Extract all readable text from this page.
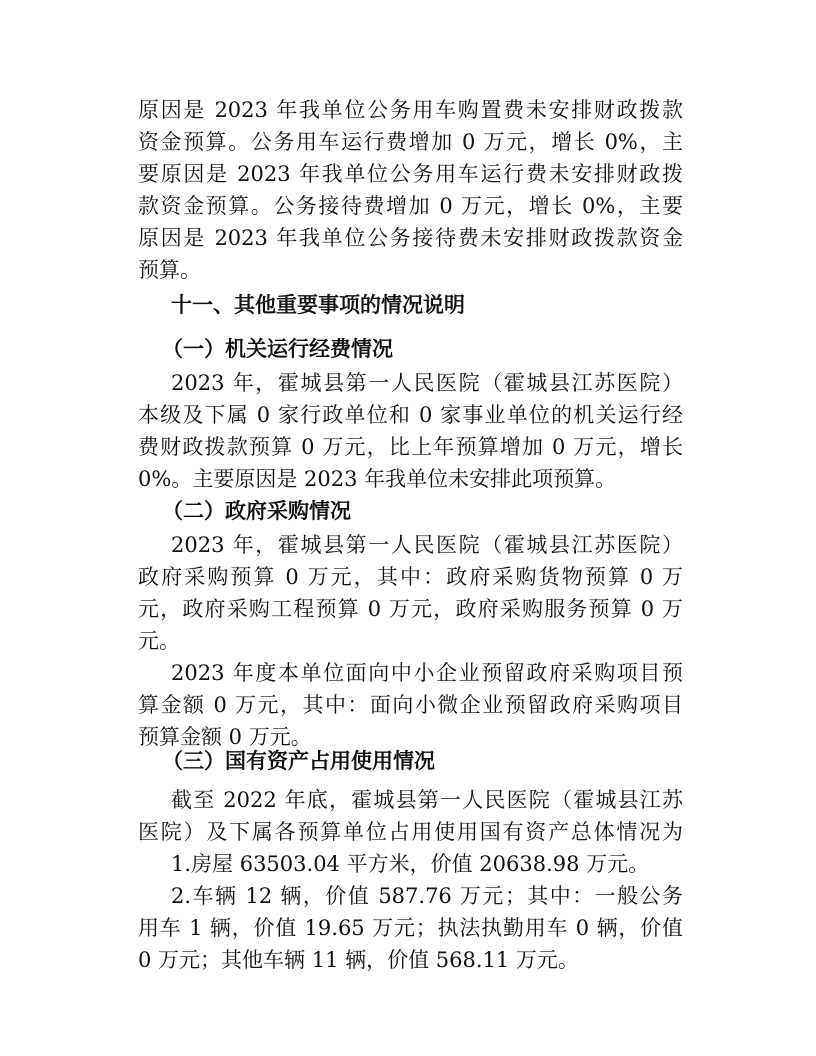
原因是 2023 年我单位公务用车购置费未安排财政拨款
资金预算。公务用车运行费增加 0 万元，增长 0%，主
要原因是 2023 年我单位公务用车运行费未安排财政拨
款资金预算。公务接待费增加 0 万元，增长 0%，主要
原因是 2023 年我单位公务接待费未安排财政拨款资金
预算。
十一、其他重要事项的情况说明
（一）机关运行经费情况
2023 年，霍城县第一人民医院（霍城县江苏医院）
本级及下属 0 家行政单位和 0 家事业单位的机关运行经
费财政拨款预算 0 万元，比上年预算增加 0 万元，增长
0%。主要原因是 2023 年我单位未安排此项预算。
（二）政府采购情况
2023 年，霍城县第一人民医院（霍城县江苏医院）
政府采购预算 0 万元，其中：政府采购货物预算 0 万
元，政府采购工程预算 0 万元，政府采购服务预算 0 万
元。
2023 年度本单位面向中小企业预留政府采购项目预
算金额 0 万元，其中：面向小微企业预留政府采购项目
预算金额 0 万元。
（三）国有资产占用使用情况
截至 2022 年底，霍城县第一人民医院（霍城县江苏
医院）及下属各预算单位占用使用国有资产总体情况为
1.房屋 63503.04 平方米，价值 20638.98 万元。
2.车辆 12 辆，价值 587.76 万元；其中：一般公务
用车 1 辆，价值 19.65 万元；执法执勤用车 0 辆，价值
0 万元；其他车辆 11 辆，价值 568.11 万元。
